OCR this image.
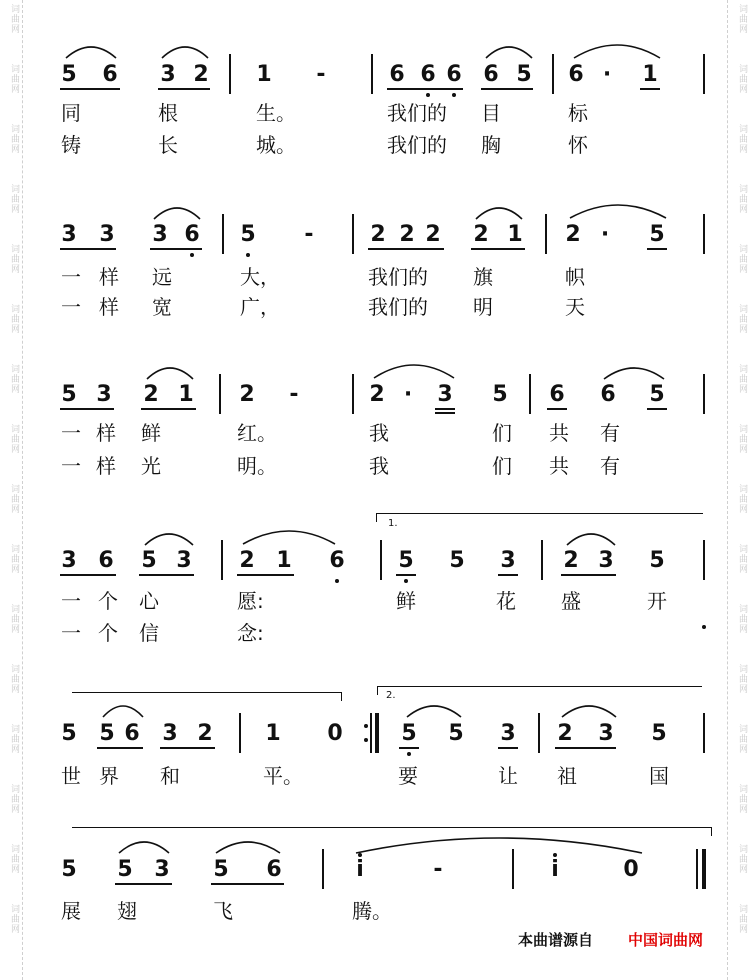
词曲网
词曲网
词曲网
词曲网
词曲网
词曲网
词曲网
词曲网
词曲网
词曲网
词曲网
词曲网
词曲网
词曲网
词曲网
词曲网
词曲网
词曲网
词曲网
词曲网
词曲网
词曲网
词曲网
词曲网
词曲网
词曲网
词曲网
词曲网
词曲网
词曲网
词曲网
词曲网
5 6 3 2 1 -	6 6 6 6 5 6 · 1
同	根	生。	我们的 目	标
铸	长	城。	我们的 胸	怀
3 3 3 6 5 -	2 2 2 2 1 2 · 5
一 样 远	大，	我们的 旗	帜
一 样 宽	广，	我们的 明	天
5 3 2 1 2 -	2 · 3 5 6 6 5
一 样 鲜	红。	我	们 共 有
一 样 光	明。	我	们 共 有
1.
3 6 5 3 2 1 6 5 5 3 2 3 5
一 个 心	愿:	鲜	花 盛	开
一 个 信	念:
2.
5 5 6 3 2 1 0	5 5 3 2 3 5
世 界 和	平。	要	让 祖	国
5 5 3 5 6	i	-	i	0
展 翅	飞	腾。
本曲谱源自 中国词曲网
